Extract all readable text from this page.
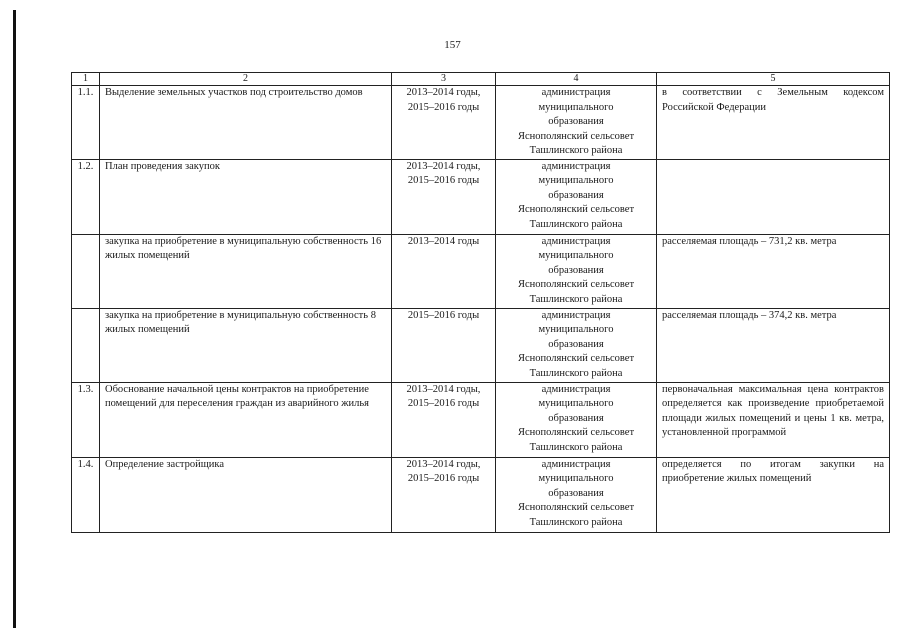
157
1	2	3	4	5
1.1.	Выделение земельных участков под строительство домов	2013–2014 годы,
2015–2016 годы	администрация
муниципального
образования
Яснополянский сельсовет
Ташлинского района	в соответствии с Земельным кодексом Российской Федерации
1.2.	План проведения закупок	2013–2014 годы,
2015–2016 годы	администрация
муниципального
образования
Яснополянский сельсовет
Ташлинского района	
	закупка на приобретение в муниципальную собственность 16 жилых помещений	2013–2014 годы	администрация
муниципального
образования
Яснополянский сельсовет
Ташлинского района	расселяемая площадь – 731,2 кв. метра
	закупка на приобретение в муниципальную собственность 8 жилых помещений	2015–2016 годы	администрация
муниципального
образования
Яснополянский сельсовет
Ташлинского района	расселяемая площадь – 374,2 кв. метра
1.3.	Обоснование начальной цены контрактов на приобретение помещений для переселения граждан из аварийного жилья	2013–2014 годы,
2015–2016 годы	администрация
муниципального
образования
Яснополянский сельсовет
Ташлинского района	первоначальная максимальная цена контрактов определяется как произведение приобретаемой площади жилых помещений и цены 1 кв. метра, установленной программой
1.4.	Определение застройщика	2013–2014 годы,
2015–2016 годы	администрация
муниципального
образования
Яснополянский сельсовет
Ташлинского района	определяется по итогам закупки на приобретение жилых помещений
